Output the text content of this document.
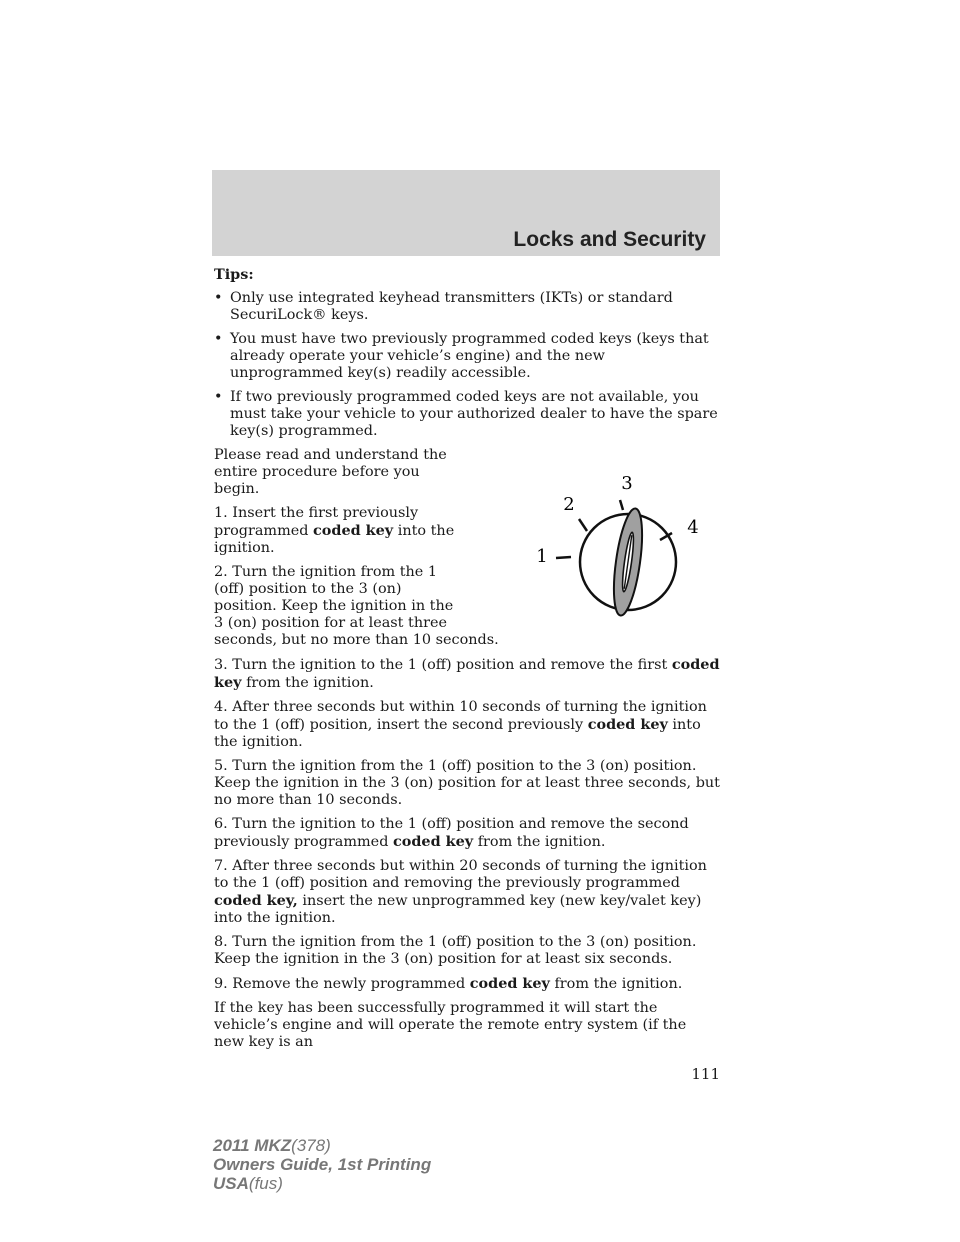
Locks and Security

Tips:

• Only use integrated keyhead transmitters (IKTs) or standard SecuriLock® keys.
• You must have two previously programmed coded keys (keys that already operate your vehicle’s engine) and the new unprogrammed key(s) readily accessible.
• If two previously programmed coded keys are not available, you must take your vehicle to your authorized dealer to have the spare key(s) programmed.
1
2
3
4

Please read and understand the entire procedure before you begin.

1. Insert the first previously programmed coded key into the ignition.

2. Turn the ignition from the 1 (off) position to the 3 (on) position. Keep the ignition in the 3 (on) position for at least three seconds, but no more than 10 seconds.

3. Turn the ignition to the 1 (off) position and remove the first coded key from the ignition.

4. After three seconds but within 10 seconds of turning the ignition to the 1 (off) position, insert the second previously coded key into the ignition.

5. Turn the ignition from the 1 (off) position to the 3 (on) position. Keep the ignition in the 3 (on) position for at least three seconds, but no more than 10 seconds.

6. Turn the ignition to the 1 (off) position and remove the second previously programmed coded key from the ignition.

7. After three seconds but within 20 seconds of turning the ignition to the 1 (off) position and removing the previously programmed coded key, insert the new unprogrammed key (new key/valet key) into the ignition.

8. Turn the ignition from the 1 (off) position to the 3 (on) position. Keep the ignition in the 3 (on) position for at least six seconds.

9. Remove the newly programmed coded key from the ignition.

If the key has been successfully programmed it will start the vehicle’s engine and will operate the remote entry system (if the new key is an

111
2011 MKZ(378)
Owners Guide, 1st Printing
USA(fus)
